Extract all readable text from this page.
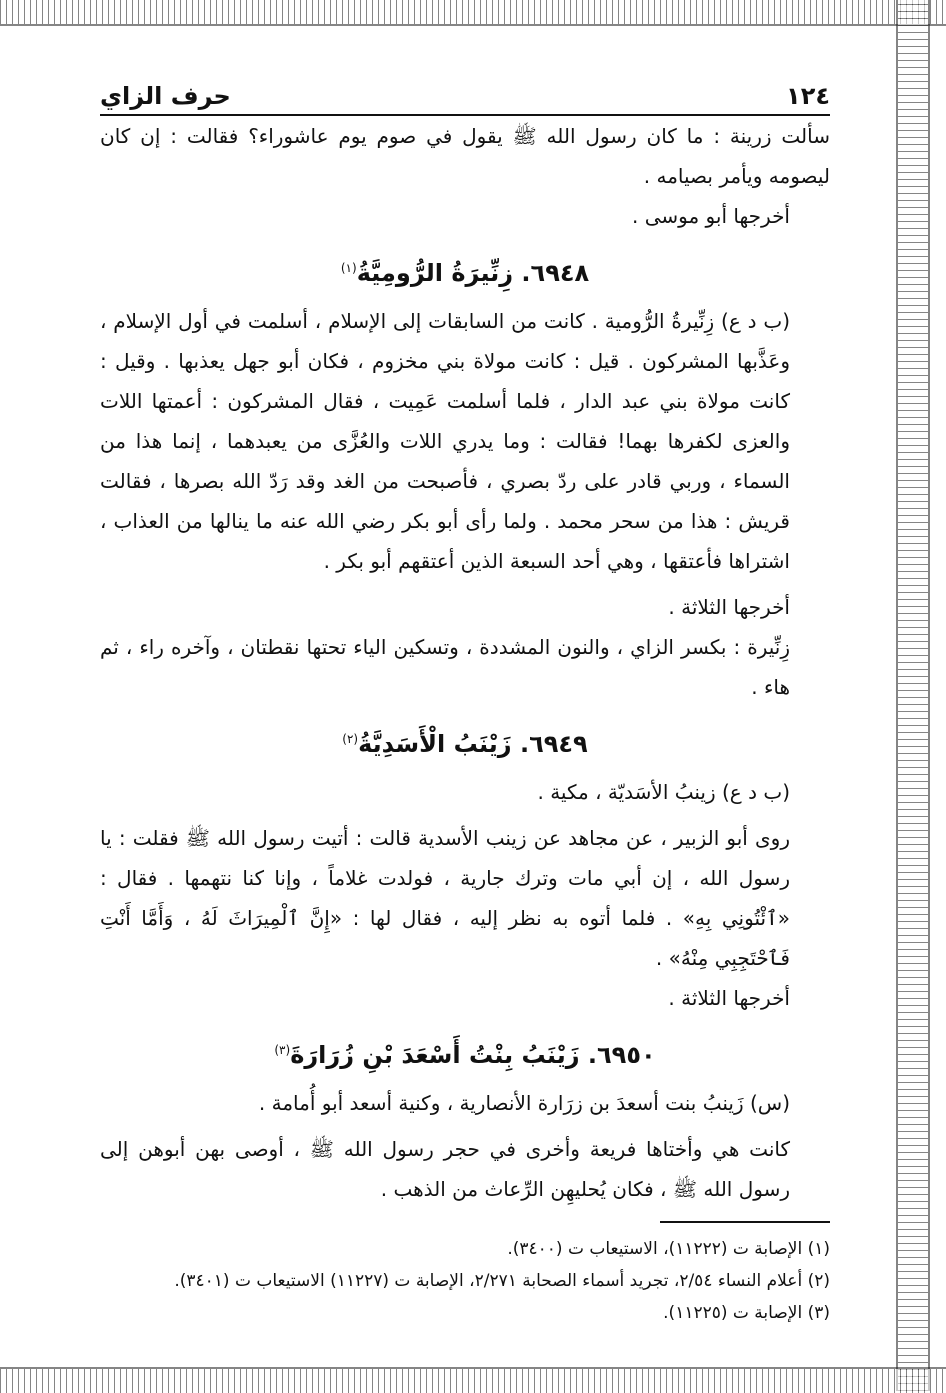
١٢٤
حرف الزاي

سألت زرينة : ما كان رسول الله ﷺ يقول في صوم يوم عاشوراء؟ فقالت : إن كان ليصومه ويأمر بصيامه .

أخرجها أبو موسى .

٦٩٤٨. زِنِّيرَةُ الرُّومِيَّةُ$^{(١)}$

(ب د ع) زِنِّيرةُ الرُّومية . كانت من السابقات إلى الإسلام ، أسلمت في أول الإسلام ، وعَذَّبها المشركون . قيل : كانت مولاة بني مخزوم ، فكان أبو جهل يعذبها . وقيل : كانت مولاة بني عبد الدار ، فلما أسلمت عَمِيت ، فقال المشركون : أعمتها اللات والعزى لكفرها بهما! فقالت : وما يدري اللات والعُزَّى من يعبدهما ، إنما هذا من السماء ، وربي قادر على ردّ بصري ، فأصبحت من الغد وقد رَدّ الله بصرها ، فقالت قريش : هذا من سحر محمد . ولما رأى أبو بكر رضي الله عنه ما ينالها من العذاب ، اشتراها فأعتقها ، وهي أحد السبعة الذين أعتقهم أبو بكر .

أخرجها الثلاثة .

زِنِّيرة : بكسر الزاي ، والنون المشددة ، وتسكين الياء تحتها نقطتان ، وآخره راء ، ثم هاء .

٦٩٤٩. زَيْنَبُ الْأَسَدِيَّةُ$^{(٢)}$

(ب د ع) زينبُ الأسَديّة ، مكية .

روى أبو الزبير ، عن مجاهد عن زينب الأسدية قالت : أتيت رسول الله ﷺ فقلت : يا رسول الله ، إن أبي مات وترك جارية ، فولدت غلاماً ، وإنا كنا نتهمها . فقال : «ٱئْتُونِي بِهِ» . فلما أتوه به نظر إليه ، فقال لها : «إِنَّ ٱلْمِيرَاثَ لَهُ ، وَأَمَّا أَنْتِ فَٱحْتَجِبِي مِنْهُ» .

أخرجها الثلاثة .

٦٩٥٠. زَيْنَبُ بِنْتُ أَسْعَدَ بْنِ زُرَارَةَ$^{(٣)}$

(س) زَينبُ بنت أسعدَ بن زرَارة الأنصارية ، وكنية أسعد أبو أُمامة .

كانت هي وأختاها فريعة وأخرى في حجر رسول الله ﷺ ، أوصى بهن أبوهن إلى رسول الله ﷺ ، فكان يُحليهِن الرِّعاث من الذهب .

(١) الإصابة ت (١١٢٢٢)، الاستيعاب ت (٣٤٠٠).

(٢) أعلام النساء ٢/٥٤، تجريد أسماء الصحابة ٢/٢٧١، الإصابة ت (١١٢٢٧) الاستيعاب ت (٣٤٠١).

(٣) الإصابة ت (١١٢٢٥).
